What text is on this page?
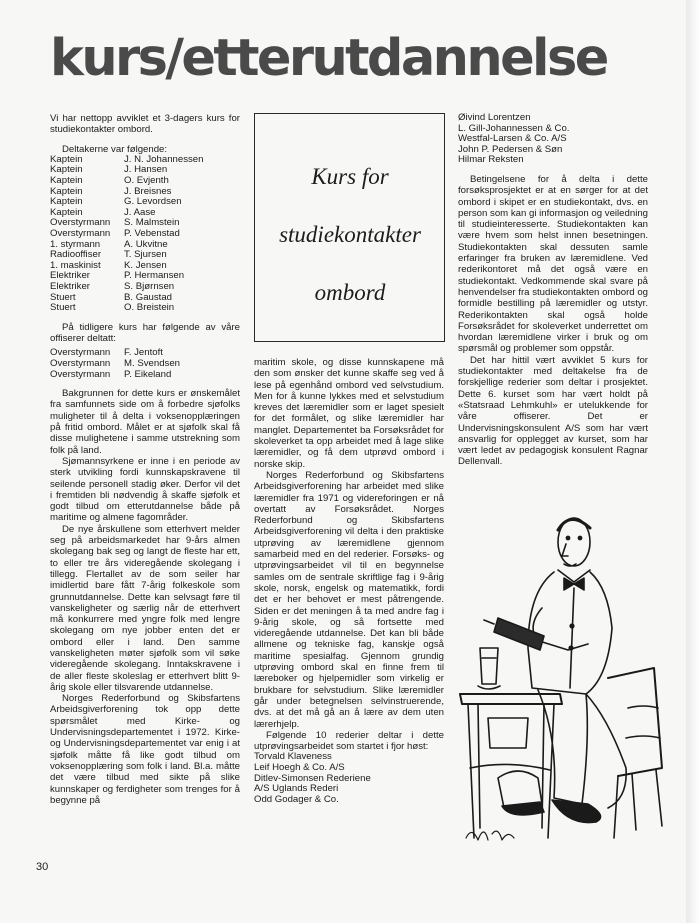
kurs/etterutdannelse

Vi har nettopp avviklet et 3-dagers kurs for studiekontakter ombord.

Deltakerne var følgende:

Kaptein	J. N. Johannessen
Kaptein	J. Hansen
Kaptein	O. Evjenth
Kaptein	J. Breisnes
Kaptein	G. Levordsen
Kaptein	J. Aase
Overstyrmann	S. Malmstein
Overstyrmann	P. Vebenstad
1. styrmann	A. Ukvitne
Radiooffiser	T. Sjursen
1. maskinist	K. Jensen
Elektriker	P. Hermansen
Elektriker	S. Bjørnsen
Stuert	B. Gaustad
Stuert	O. Breistein

På tidligere kurs har følgende av våre offiserer deltatt:

Overstyrmann	F. Jentoft
Overstyrmann	M. Svendsen
Overstyrmann	P. Eikeland

Bakgrunnen for dette kurs er ønskemålet fra samfunnets side om å forbedre sjøfolks muligheter til å delta i voksenopplæringen på fritid ombord. Målet er at sjøfolk skal få disse mulighetene i samme utstrekning som folk på land.

Sjømannsyrkene er inne i en periode av sterk utvikling fordi kunnskapskravene til seilende personell stadig øker. Derfor vil det i fremtiden bli nødvendig å skaffe sjøfolk et godt tilbud om etterutdannelse både på maritime og almene fagområder.

De nye årskullene som etterhvert melder seg på arbeidsmarkedet har 9-års almen skolegang bak seg og langt de fleste har ett, to eller tre års videregående skolegang i tillegg. Flertallet av de som seiler har imidlertid bare fått 7-årig folkeskole som grunnutdannelse. Dette kan selvsagt føre til vanskeligheter og særlig når de etterhvert må konkurrere med yngre folk med lengre skolegang om nye jobber enten det er ombord eller i land. Den samme vanskeligheten møter sjøfolk som vil søke videregående skolegang. Inntakskravene i de aller fleste skoleslag er etterhvert blitt 9-årig skole eller tilsvarende utdannelse.

Norges Rederforbund og Skibsfartens Arbeidsgiverforening tok opp dette spørsmålet med Kirke- og Undervisningsdepartementet i 1972. Kirke- og Undervisningsdepartementet var enig i at sjøfolk måtte få like godt tilbud om voksenopplæring som folk i land. Bl.a. måtte det være tilbud med sikte på slike kunnskaper og ferdigheter som trenges for å begynne på

Kurs for
studiekontakter
ombord

maritim skole, og disse kunnskapene må den som ønsker det kunne skaffe seg ved å lese på egenhånd ombord ved selvstudium. Men for å kunne lykkes med et selvstudium kreves det læremidler som er laget spesielt for det formålet, og slike læremidler har manglet. Departementet ba Forsøksrådet for skoleverket ta opp arbeidet med å lage slike læremidler, og få dem utprøvd ombord i norske skip.

Norges Rederforbund og Skibsfartens Arbeidsgiverforening har arbeidet med slike læremidler fra 1971 og videreforingen er nå overtatt av Forsøksrådet. Norges Rederforbund og Skibsfartens Arbeidsgiverforening vil delta i den praktiske utprøving av læremidlene gjennom samarbeid med en del rederier. Forsøks- og utprøvingsarbeidet vil til en begynnelse samles om de sentrale skriftlige fag i 9-årig skole, norsk, engelsk og matematikk, fordi det er her behovet er mest påtrengende. Siden er det meningen å ta med andre fag i 9-årig skole, og så fortsette med videregående utdannelse. Det kan bli både allmene og tekniske fag, kanskje også maritime spesialfag. Gjennom grundig utprøving ombord skal en finne frem til læreboker og hjelpemidler som virkelig er brukbare for selvstudium. Slike læremidler går under betegnelsen selvinstruerende, dvs. at det må gå an å lære av dem uten lærerhjelp.

Følgende 10 rederier deltar i dette utprøvingsarbeidet som startet i fjor høst:

Torvald Klaveness
Leif Hoegh & Co. A/S
Ditlev-Simonsen Rederiene
A/S Uglands Rederi
Odd Godager & Co.
Øivind Lorentzen
L. Gill-Johannessen & Co.
Westfal-Larsen & Co. A/S
John P. Pedersen & Søn
Hilmar Reksten

Betingelsene for å delta i dette forsøksprosjektet er at en sørger for at det ombord i skipet er en studiekontakt, dvs. en person som kan gi informasjon og veiledning til studieinteresserte. Studiekontakten kan være hvem som helst innen besetningen. Studiekontakten skal dessuten samle erfaringer fra bruken av læremidlene. Ved rederikontoret må det også være en studiekontakt. Vedkommende skal svare på henvendelser fra studiekontakten ombord og formidle bestilling på læremidler og utstyr. Rederikontakten skal også holde Forsøksrådet for skoleverket underrettet om hvordan læremidlene virker i bruk og om spørsmål og problemer som oppstår.

Det har hittil vært avviklet 5 kurs for studiekontakter med deltakelse fra de forskjellige rederier som deltar i prosjektet. Dette 6. kurset som har vært holdt på «Statsraad Lehmkuhl» er utelukkende for våre offiserer. Det er Undervisningskonsulent A/S som har vært ansvarlig for opplegget av kurset, som har vært ledet av pedagogisk konsulent Ragnar Dellenvall.

30
